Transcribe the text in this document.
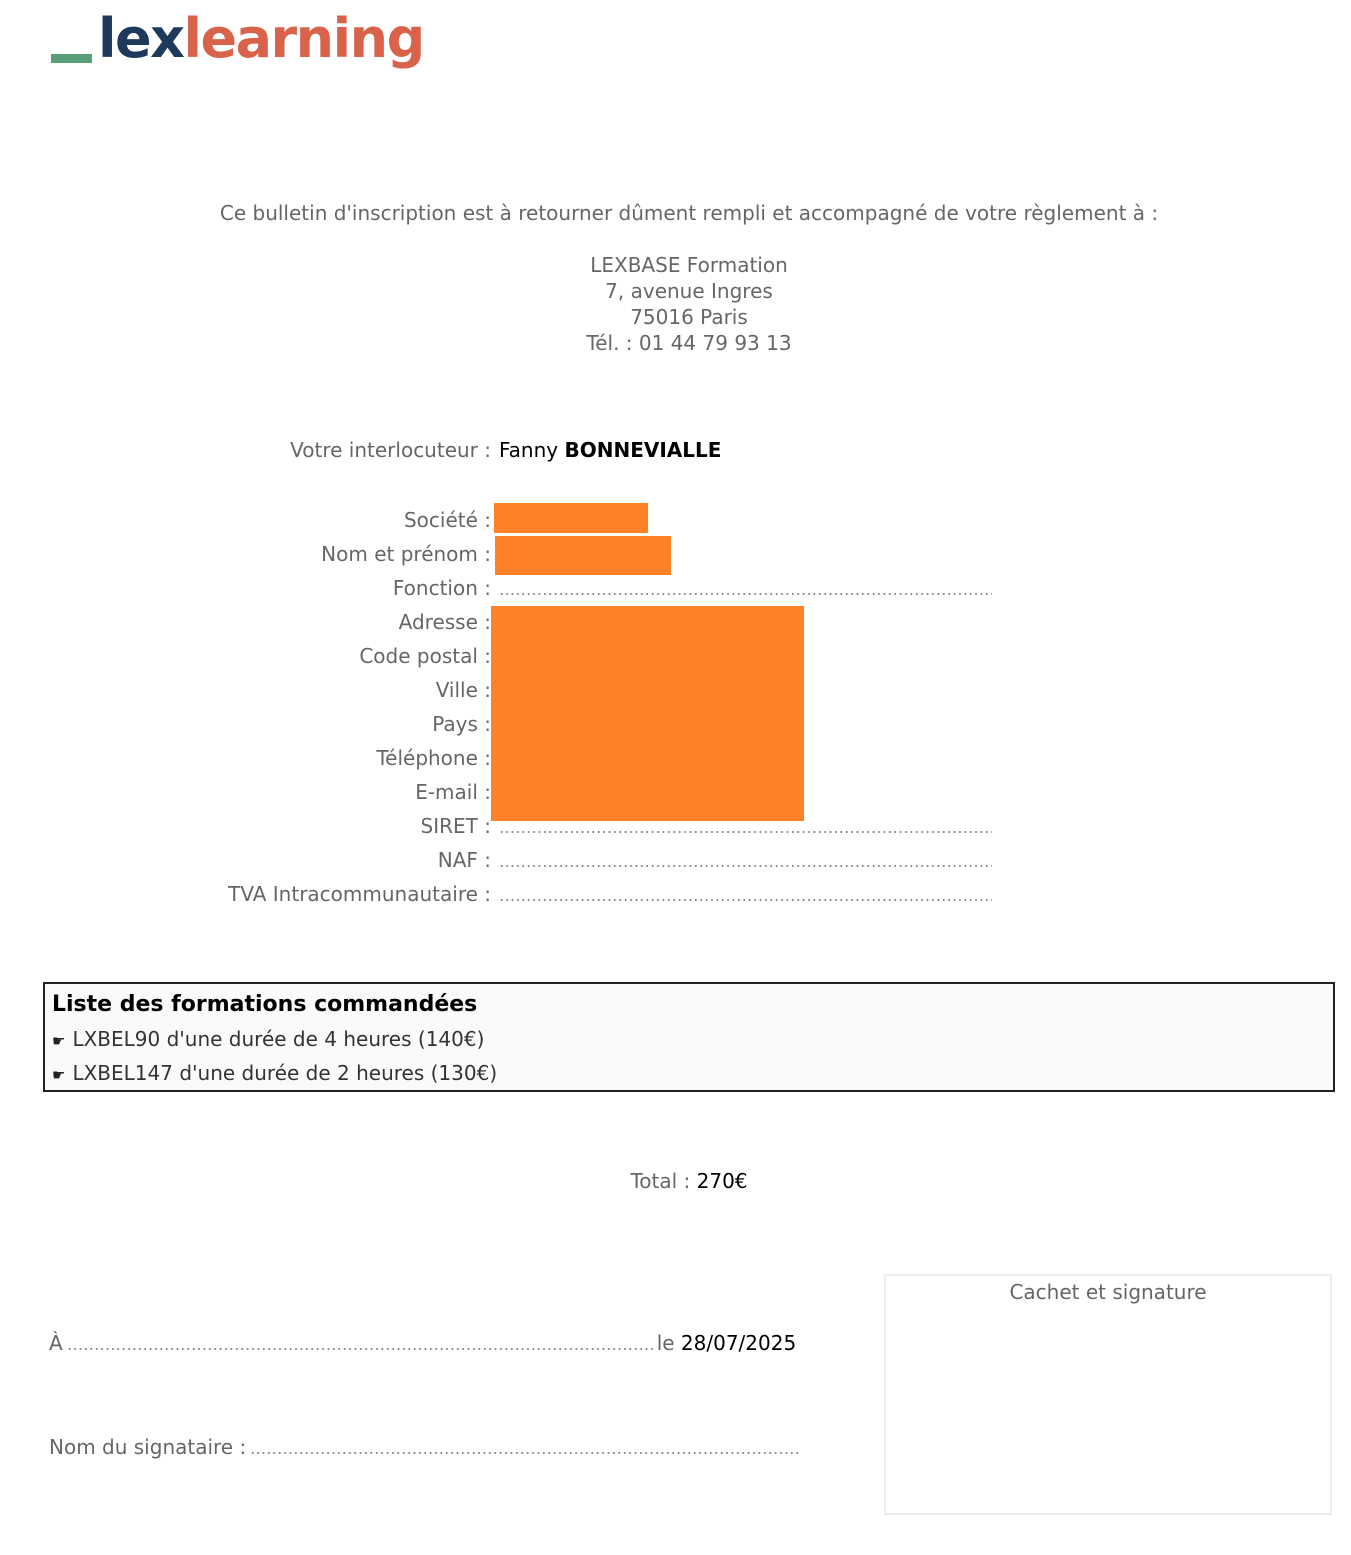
lexlearning
Ce bulletin d'inscription est à retourner dûment rempli et accompagné de votre règlement à :
LEXBASE Formation
7, avenue Ingres
75016 Paris
Tél. : 01 44 79 93 13
Votre interlocuteur : Fanny BONNEVIALLE
Société :
Nom et prénom :
Fonction :
Adresse :
Code postal :
Ville :
Pays :
Téléphone :
E-mail :
SIRET :
NAF :
TVA Intracommunautaire :
Liste des formations commandées
☛ LXBEL90 d'une durée de 4 heures (140€)
☛ LXBEL147 d'une durée de 2 heures (130€)
Total : 270€
À	le 28/07/2025
Nom du signataire :
Cachet et signature
